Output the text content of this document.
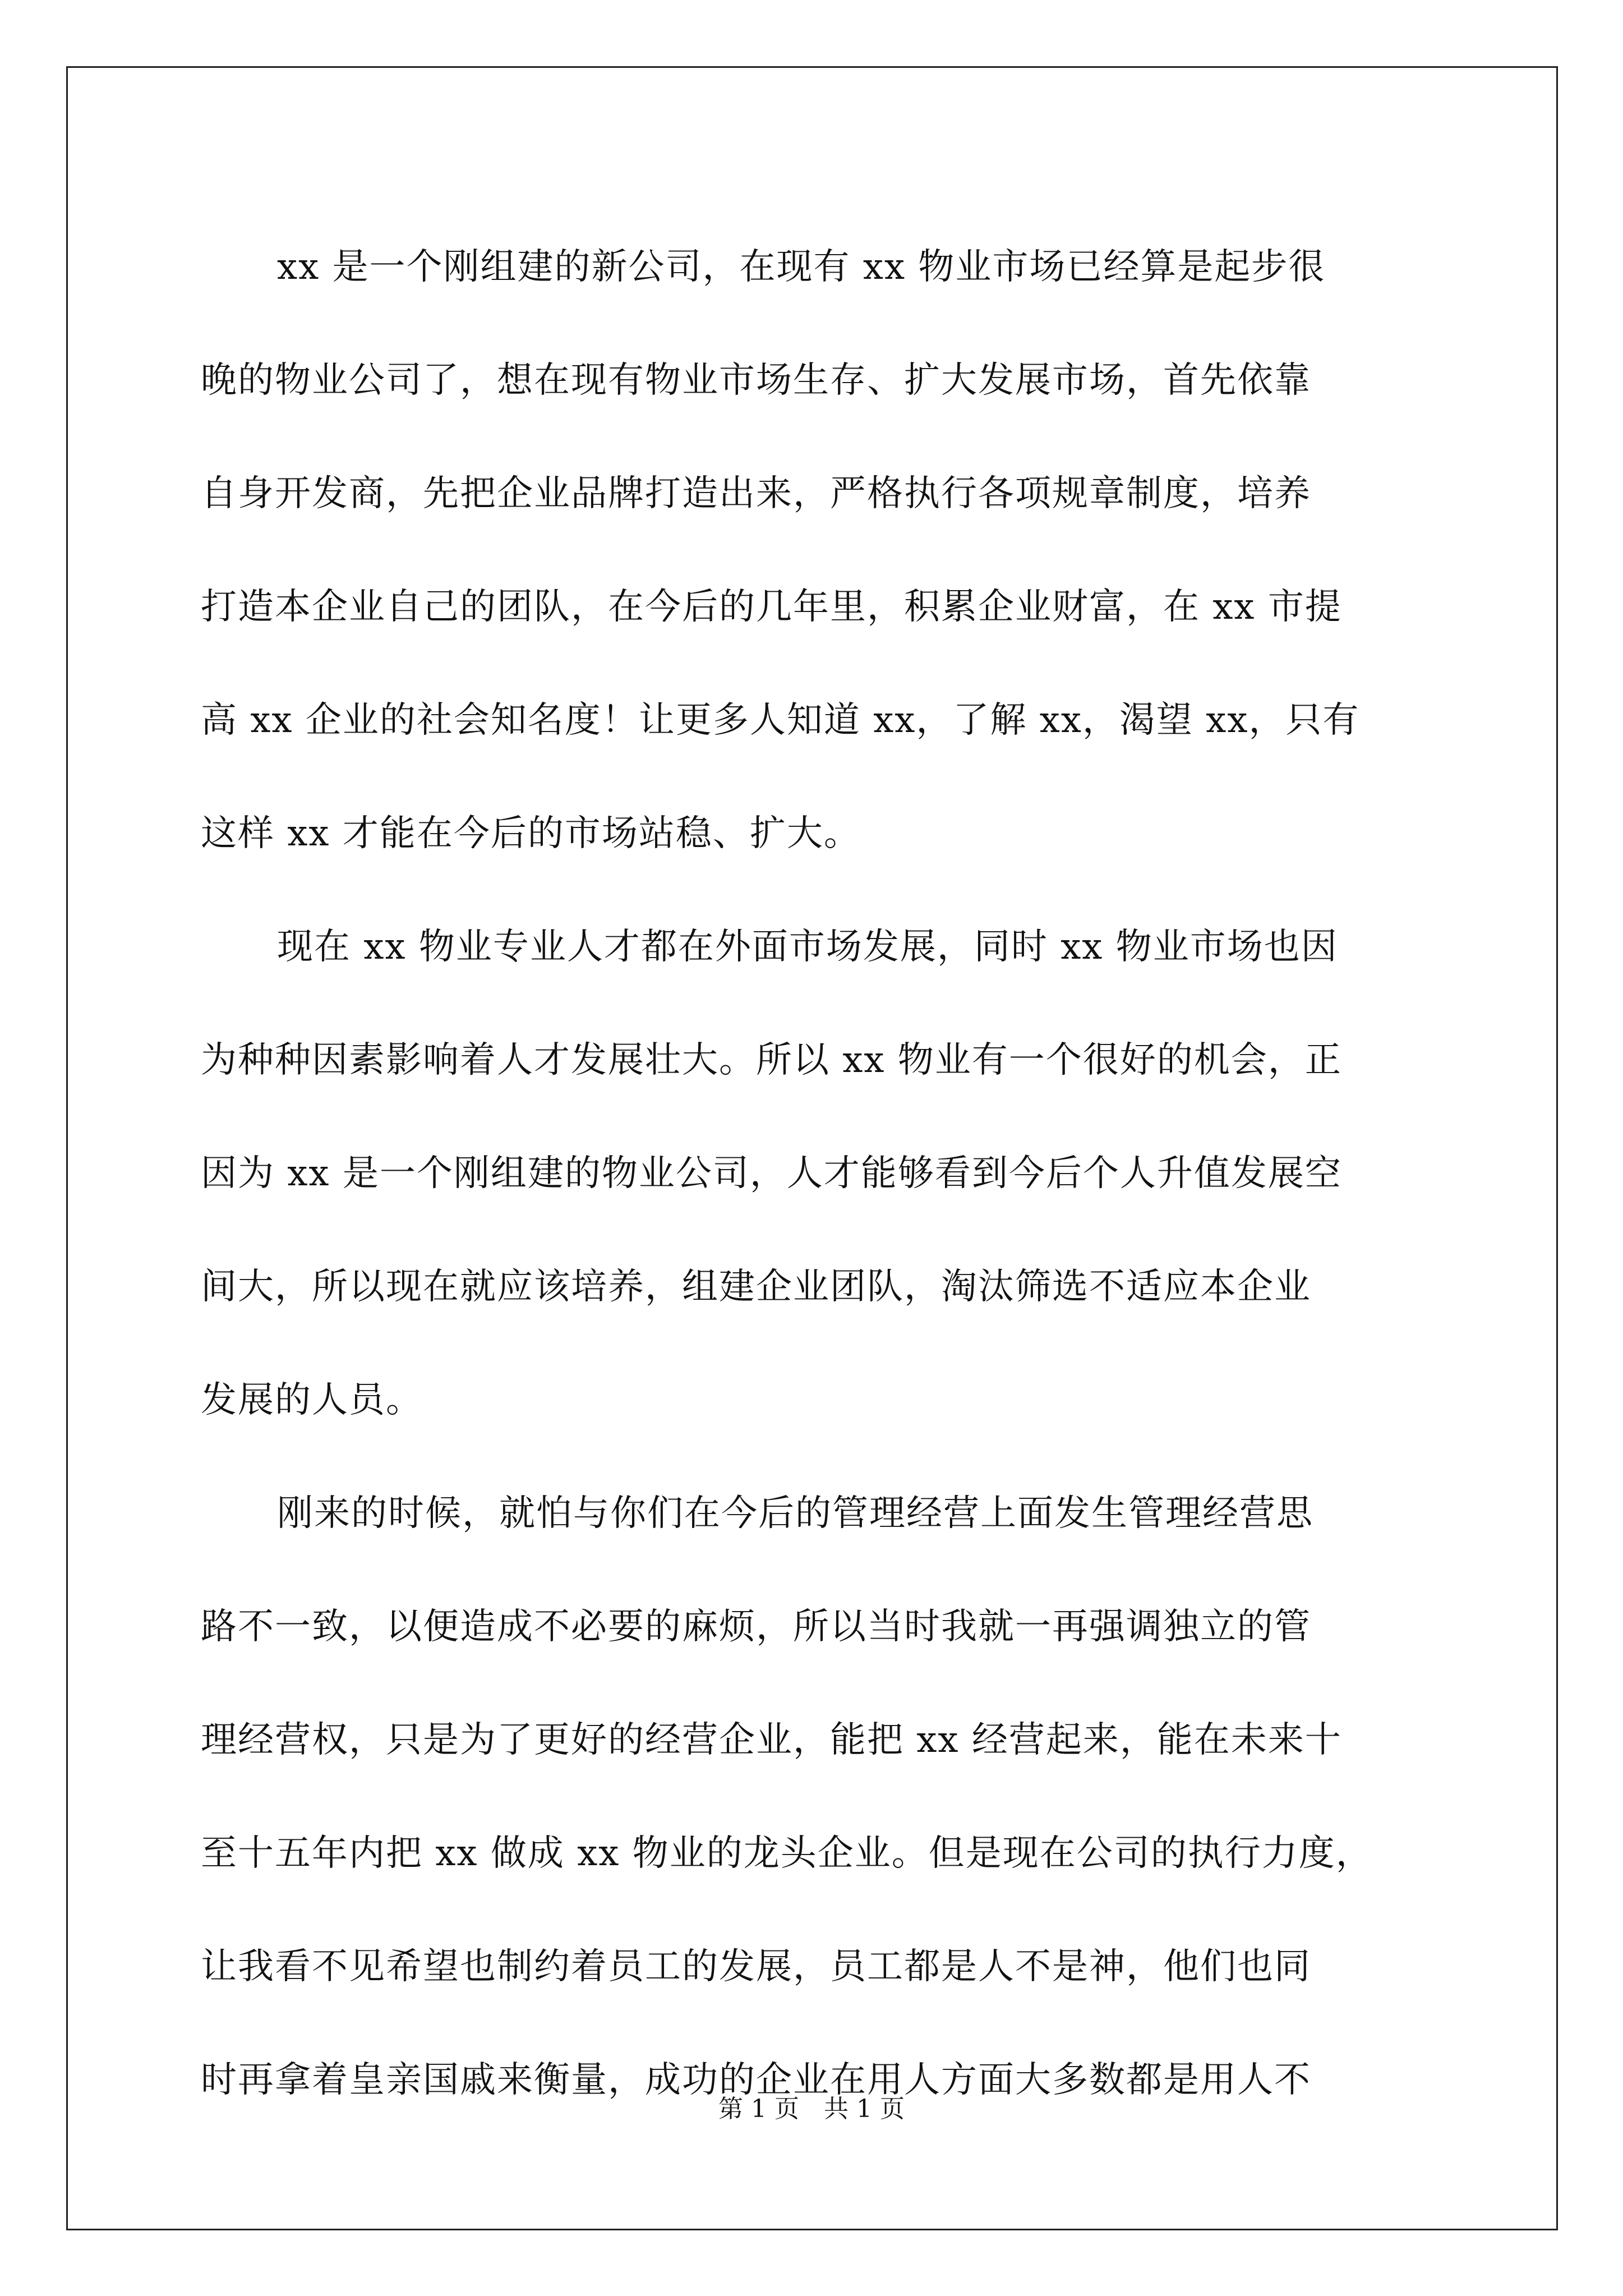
xx 是一个刚组建的新公司，在现有 xx 物业市场已经算是起步很
晚的物业公司了，想在现有物业市场生存、扩大发展市场，首先依靠
自身开发商，先把企业品牌打造出来，严格执行各项规章制度，培养
打造本企业自己的团队，在今后的几年里，积累企业财富，在 xx 市提
高 xx 企业的社会知名度！让更多人知道 xx，了解 xx，渴望 xx，只有
这样 xx 才能在今后的市场站稳、扩大。
现在 xx 物业专业人才都在外面市场发展，同时 xx 物业市场也因
为种种因素影响着人才发展壮大。所以 xx 物业有一个很好的机会，正
因为 xx 是一个刚组建的物业公司，人才能够看到今后个人升值发展空
间大，所以现在就应该培养，组建企业团队，淘汰筛选不适应本企业
发展的人员。
刚来的时候，就怕与你们在今后的管理经营上面发生管理经营思
路不一致，以便造成不必要的麻烦，所以当时我就一再强调独立的管
理经营权，只是为了更好的经营企业，能把 xx 经营起来，能在未来十
至十五年内把 xx 做成 xx 物业的龙头企业。但是现在公司的执行力度，
让我看不见希望也制约着员工的发展，员工都是人不是神，他们也同
时再拿着皇亲国戚来衡量，成功的企业在用人方面大多数都是用人不
第 1 页 共 1 页
